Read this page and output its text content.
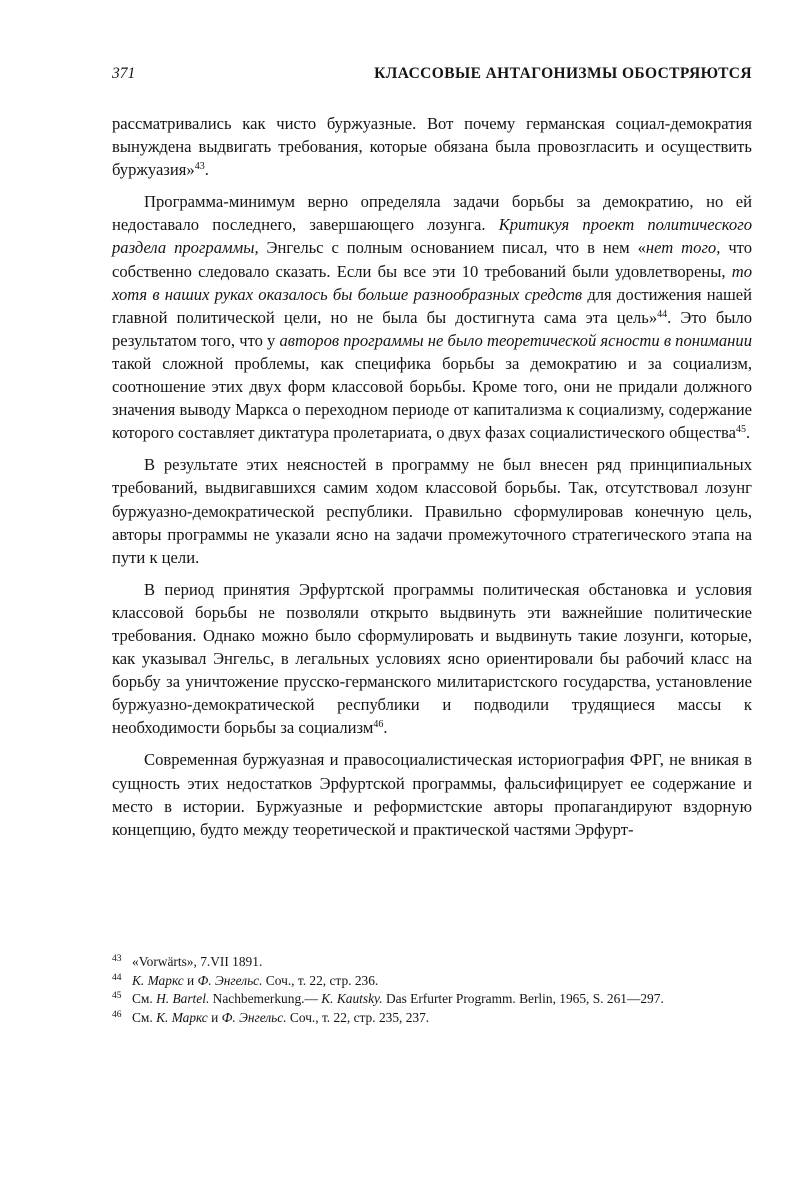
371	КЛАССОВЫЕ АНТАГОНИЗМЫ ОБОСТРЯЮТСЯ

рассматривались как чисто буржуазные. Вот почему германская социал-демократия вынуждена выдвигать требования, которые обязана была провозгласить и осуществить буржуазия»$^{43}$.

Программа-минимум верно определяла задачи борьбы за демократию, но ей недоставало последнего, завершающего лозунга. Критикуя проект политического раздела программы, Энгельс с полным основанием писал, что в нем «нет того, что собственно следовало сказать. Если бы все эти 10 требований были удовлетворены, то хотя в наших руках оказалось бы больше разнообразных средств для достижения нашей главной политической цели, но не была бы достигнута сама эта цель»$^{44}$. Это было результатом того, что у авторов программы не было теоретической ясности в понимании такой сложной проблемы, как специфика борьбы за демократию и за социализм, соотношение этих двух форм классовой борьбы. Кроме того, они не придали должного значения выводу Маркса о переходном периоде от капитализма к социализму, содержание которого составляет диктатура пролетариата, о двух фазах социалистического общества$^{45}$.

В результате этих неясностей в программу не был внесен ряд принципиальных требований, выдвигавшихся самим ходом классовой борьбы. Так, отсутствовал лозунг буржуазно-демократической республики. Правильно сформулировав конечную цель, авторы программы не указали ясно на задачи промежуточного стратегического этапа на пути к цели.

В период принятия Эрфуртской программы политическая обстановка и условия классовой борьбы не позволяли открыто выдвинуть эти важнейшие политические требования. Однако можно было сформулировать и выдвинуть такие лозунги, которые, как указывал Энгельс, в легальных условиях ясно ориентировали бы рабочий класс на борьбу за уничтожение прусско-германского милитаристского государства, установление буржуазно-демократической республики и подводили трудящиеся массы к необходимости борьбы за социализм$^{46}$.

Современная буржуазная и правосоциалистическая историография ФРГ, не вникая в сущность этих недостатков Эрфуртской программы, фальсифицирует ее содержание и место в истории. Буржуазные и реформистские авторы пропагандируют вздорную концепцию, будто между теоретической и практической частями Эрфурт-

43 «Vorwärts», 7.VII 1891.
44 К. Маркс и Ф. Энгельс. Соч., т. 22, стр. 236.
45 См. H. Bartel. Nachbemerkung.— K. Kautsky. Das Erfurter Programm. Berlin, 1965, S. 261—297.
46 См. К. Маркс и Ф. Энгельс. Соч., т. 22, стр. 235, 237.
